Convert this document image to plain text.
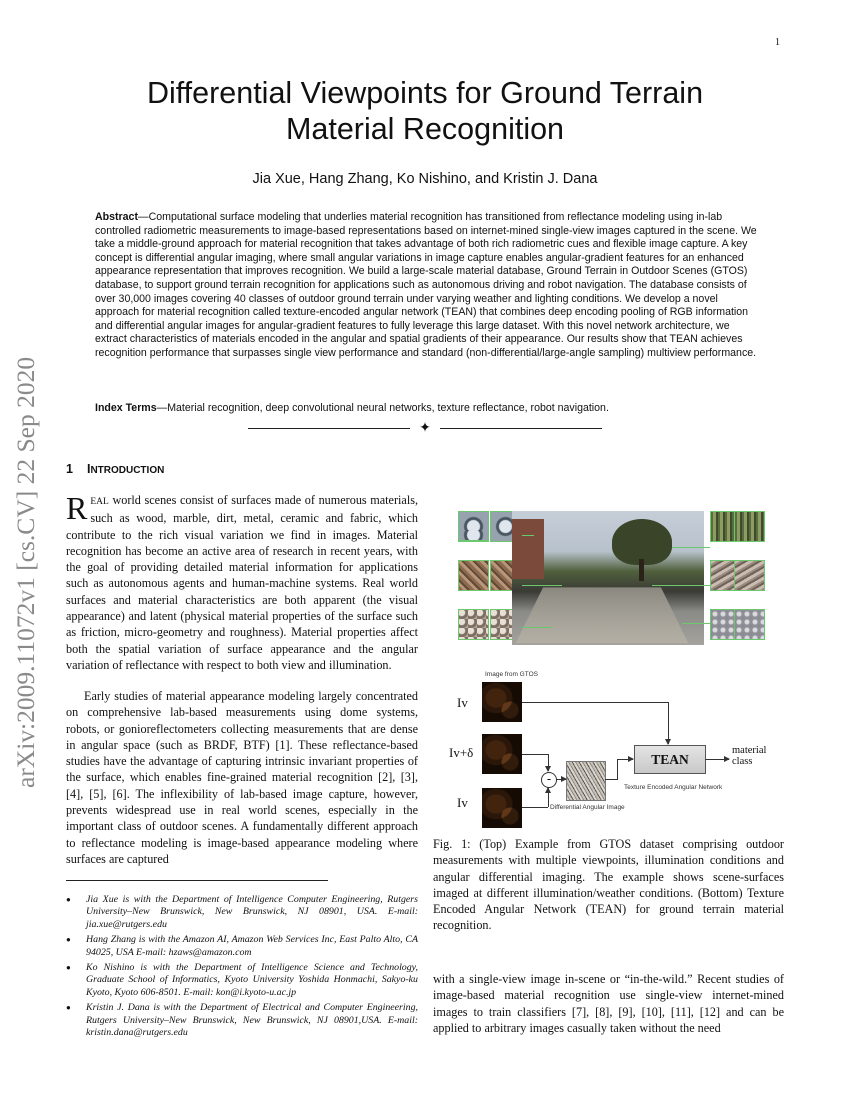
1
Differential Viewpoints for Ground Terrain Material Recognition
Jia Xue, Hang Zhang, Ko Nishino, and Kristin J. Dana
Abstract—Computational surface modeling that underlies material recognition has transitioned from reflectance modeling using in-lab controlled radiometric measurements to image-based representations based on internet-mined single-view images captured in the scene. We take a middle-ground approach for material recognition that takes advantage of both rich radiometric cues and flexible image capture. A key concept is differential angular imaging, where small angular variations in image capture enables angular-gradient features for an enhanced appearance representation that improves recognition. We build a large-scale material database, Ground Terrain in Outdoor Scenes (GTOS) database, to support ground terrain recognition for applications such as autonomous driving and robot navigation. The database consists of over 30,000 images covering 40 classes of outdoor ground terrain under varying weather and lighting conditions. We develop a novel approach for material recognition called texture-encoded angular network (TEAN) that combines deep encoding pooling of RGB information and differential angular images for angular-gradient features to fully leverage this large dataset. With this novel network architecture, we extract characteristics of materials encoded in the angular and spatial gradients of their appearance. Our results show that TEAN achieves recognition performance that surpasses single view performance and standard (non-differential/large-angle sampling) multiview performance.
Index Terms—Material recognition, deep convolutional neural networks, texture reflectance, robot navigation.
✦
arXiv:2009.11072v1 [cs.CV] 22 Sep 2020	1 INTRODUCTION
REAL world scenes consist of surfaces made of numerous materials, such as wood, marble, dirt, metal, ceramic and fabric, which contribute to the rich visual variation we find in images. Material recognition has become an active area of research in recent years, with the goal of providing detailed material information for applications such as autonomous agents and human-machine systems. Real world surfaces and material characteristics are both apparent (the visual appearance) and latent (physical material properties of the surface such as friction, micro-geometry and roughness). Material properties affect both the spatial variation of surface appearance and the angular variation of reflectance with respect to both view and illumination.
Early studies of material appearance modeling largely concentrated on comprehensive lab-based measurements using dome systems, robots, or gonioreflectometers collecting measurements that are dense in angular space (such as BRDF, BTF) [1]. These reflectance-based studies have the advantage of capturing intrinsic invariant properties of the surface, which enables fine-grained material recognition [2], [3], [4], [5], [6]. The inflexibility of lab-based image capture, however, prevents widespread use in real world scenes, especially in the important class of outdoor scenes. A fundamentally different approach to reflectance modeling is image-based appearance modeling where surfaces are captured
● Jia Xue is with the Department of Intelligence Computer Engineering, Rutgers University–New Brunswick, New Brunswick, NJ 08901, USA. E-mail: jia.xue@rutgers.edu
● Hang Zhang is with the Amazon AI, Amazon Web Services Inc, East Palto Alto, CA 94025, USA E-mail: hzaws@amazon.com
● Ko Nishino is with the Department of Intelligence Science and Technology, Graduate School of Informatics, Kyoto University Yoshida Honmachi, Sakyo-ku Kyoto, Kyoto 606-8501. E-mail: kon@i.kyoto-u.ac.jp
● Kristin J. Dana is with the Department of Electrical and Computer Engineering, Rutgers University–New Brunswick, New Brunswick, NJ 08901,USA. E-mail: kristin.dana@rutgers.edu
Image from GTOS
Iv
Iv+δ
Iv
-
Differential Angular Image
TEAN
Texture Encoded Angular Network
material class
Fig. 1: (Top) Example from GTOS dataset comprising outdoor measurements with multiple viewpoints, illumination conditions and angular differential imaging. The example shows scene-surfaces imaged at different illumination/weather conditions. (Bottom) Texture Encoded Angular Network (TEAN) for ground terrain material recognition.
with a single-view image in-scene or “in-the-wild.” Recent studies of image-based material recognition use single-view internet-mined images to train classifiers [7], [8], [9], [10], [11], [12] and can be applied to arbitrary images casually taken without the need
